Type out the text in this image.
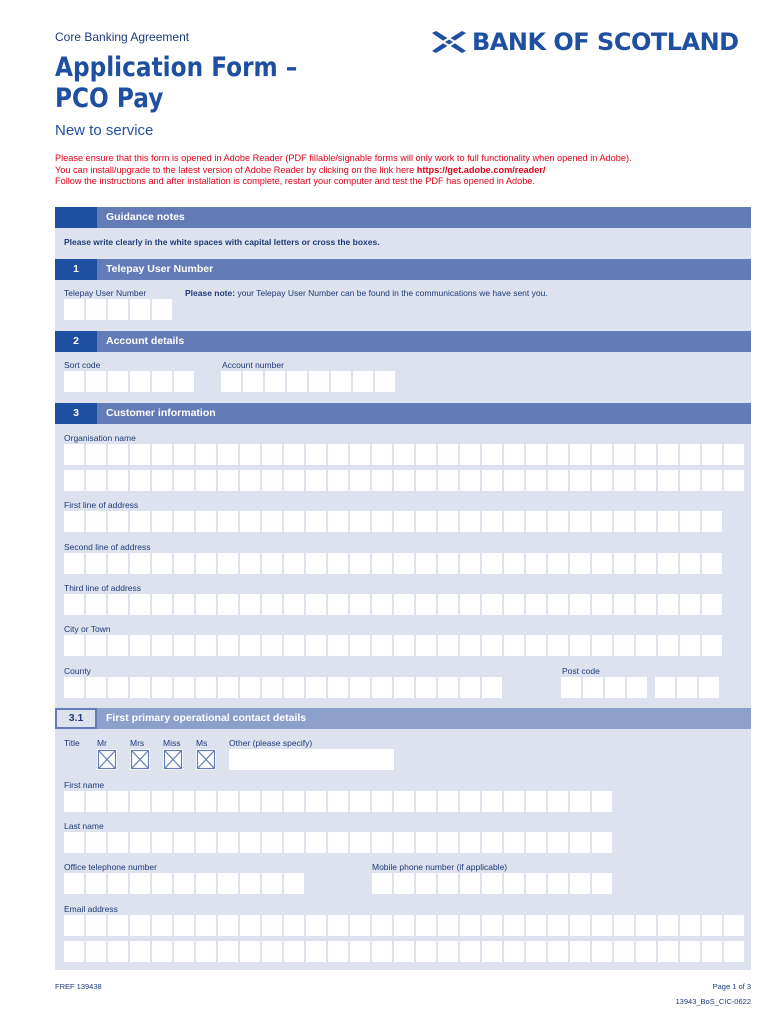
Core Banking Agreement	BANK OF SCOTLAND
Application Form –
PCO Pay
New to service
Please ensure that this form is opened in Adobe Reader (PDF fillable/signable forms will only work to full functionality when opened in Adobe).
You can install/upgrade to the latest version of Adobe Reader by clicking on the link here https://get.adobe.com/reader/
Follow the instructions and after installation is complete, restart your computer and test the PDF has opened in Adobe.
Guidance notes
Please write clearly in the white spaces with capital letters or cross the boxes.
1	Telepay User Number
Telepay User Number	Please note: your Telepay User Number can be found in the communications we have sent you.
2	Account details
Sort code	Account number
3	Customer information
Organisation name
First line of address
Second line of address
Third line of address
City or Town
County	Post code
3.1	First primary operational contact details
Title Mr	Mrs Miss Ms	Other (please specify)
First name
Last name
Office telephone number	Mobile phone number (if applicable)
Email address
FREF 139438	Page 1 of 3
13943_BoS_CIC-0622
